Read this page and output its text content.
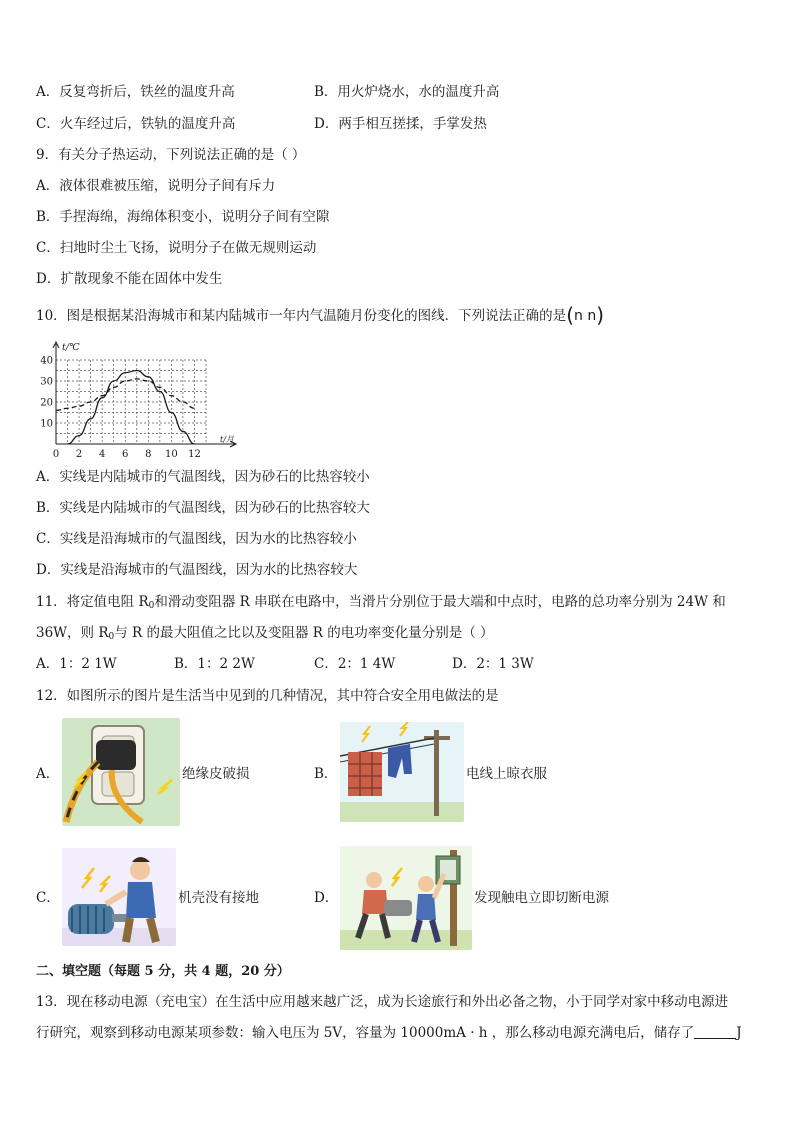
A．反复弯折后，铁丝的温度升高	B．用火炉烧水，水的温度升高
C．火车经过后，铁轨的温度升高	D．两手相互搓揉，手掌发热
9．有关分子热运动，下列说法正确的是（ ）
A．液体很难被压缩，说明分子间有斥力
B．手捏海绵，海绵体积变小，说明分子间有空隙
C．扫地时尘土飞扬，说明分子在做无规则运动
D．扩散现象不能在固体中发生
10．图是根据某沿海城市和某内陆城市一年内气温随月份变化的图线．下列说法正确的是(n n)
40
30
20
10
0 2 4 6 8 10 12
t/℃
t/月
A．实线是内陆城市的气温图线，因为砂石的比热容较小
B．实线是内陆城市的气温图线，因为砂石的比热容较大
C．实线是沿海城市的气温图线，因为水的比热容较小
D．实线是沿海城市的气温图线，因为水的比热容较大
11．将定值电阻 $R_0$和滑动变阻器 R 串联在电路中，当滑片分别位于最大端和中点时，电路的总功率分别为 24W 和
36W，则 $R_0$与 R 的最大阻值之比以及变阻器 R 的电功率变化量分别是（ ）
A．1：2 1W	B．1：2 2W	C．2：1 4W	D．2：1 3W
12．如图所示的图片是生活当中见到的几种情况，其中符合安全用电做法的是
A．	绝缘皮破损	B．	电线上晾衣服
C．	机壳没有接地	D．	发现触电立即切断电源
二、填空题（每题 5 分，共 4 题，20 分）
13．现在移动电源（充电宝）在生活中应用越来越广泛，成为长途旅行和外出必备之物，小于同学对家中移动电源进
行研究，观察到移动电源某项参数：输入电压为 5V，容量为 10000mA · h ，那么移动电源充满电后，储存了	J
